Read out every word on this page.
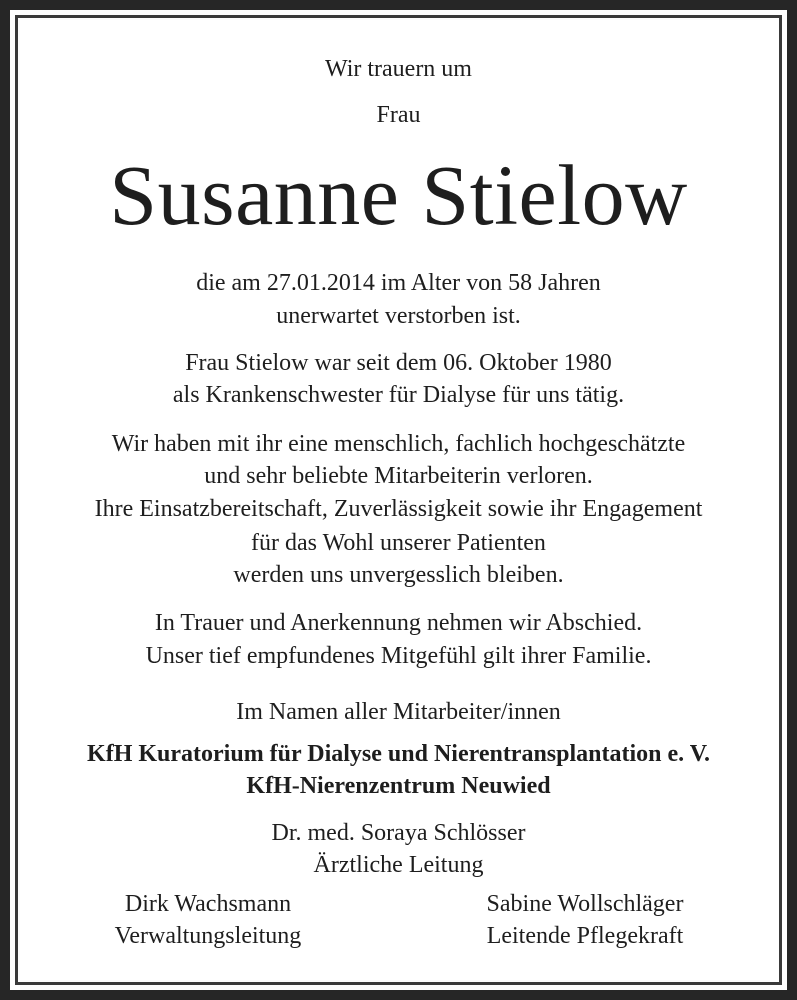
Wir trauern um
Frau
Susanne Stielow
die am 27.01.2014 im Alter von 58 Jahren
unerwartet verstorben ist.
Frau Stielow war seit dem 06. Oktober 1980
als Krankenschwester für Dialyse für uns tätig.
Wir haben mit ihr eine menschlich, fachlich hochgeschätzte
und sehr beliebte Mitarbeiterin verloren.
Ihre Einsatzbereitschaft, Zuverlässigkeit sowie ihr Engagement
für das Wohl unserer Patienten
werden uns unvergesslich bleiben.
In Trauer und Anerkennung nehmen wir Abschied.
Unser tief empfundenes Mitgefühl gilt ihrer Familie.
Im Namen aller Mitarbeiter/innen
KfH Kuratorium für Dialyse und Nierentransplantation e. V.
KfH-Nierenzentrum Neuwied
Dr. med. Soraya Schlösser
Ärztliche Leitung
Dirk Wachsmann
Verwaltungsleitung
Sabine Wollschläger
Leitende Pflegekraft
